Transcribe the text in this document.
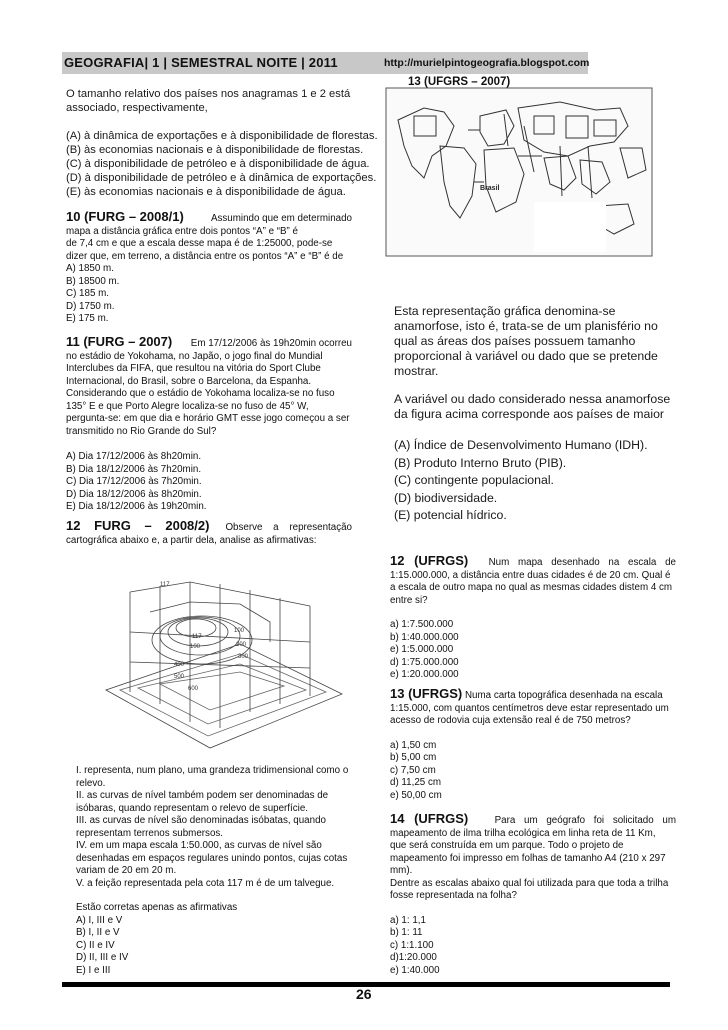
GEOGRAFIA| 1 | SEMESTRAL NOITE | 2011	http://murielpintogeografia.blogspot.com
13 (UFGRS – 2007)
O tamanho relativo dos países nos anagramas 1 e 2 está associado, respectivamente,
(A) à dinâmica de exportações e à disponibilidade de florestas.
(B) às economias nacionais e à disponibilidade de florestas.
(C) à disponibilidade de petróleo e à disponibilidade de água.
(D) à disponibilidade de petróleo e à dinâmica de exportações.
(E) às economias nacionais e à disponibilidade de água.	Brasil
Esta representação gráfica denomina-se
anamorfose, isto é, trata-se de um planisfério no
qual as áreas dos países possuem tamanho
proporcional à variável ou dado que se pretende
mostrar.
A variável ou dado considerado nessa anamorfose
da figura acima corresponde aos países de maior
(A) Índice de Desenvolvimento Humano (IDH).
(B) Produto Interno Bruto (PIB).
(C) contingente populacional.
(D) biodiversidade.
(E) potencial hídrico.
10 (FURG – 2008/1)	Assumindo que em determinado
mapa a distância gráfica entre dois pontos “A” e “B” é
de 7,4 cm e que a escala desse mapa é de 1:25000, pode-se
dizer que, em terreno, a distância entre os pontos “A” e “B” é de
A) 1850 m.
B) 18500 m.
C) 185 m.
D) 1750 m.
E) 175 m.
11 (FURG – 2007) Em 17/12/2006 às 19h20min ocorreu
no estádio de Yokohama, no Japão, o jogo final do Mundial
Interclubes da FIFA, que resultou na vitória do Sport Clube
Internacional, do Brasil, sobre o Barcelona, da Espanha.
Considerando que o estádio de Yokohama localiza-se no fuso
135° E e que Porto Alegre localiza-se no fuso de 45° W,
pergunta-se: em que dia e horário GMT esse jogo começou a ser
transmitido no Rio Grande do Sul?
A) Dia 17/12/2006 às 8h20min.
B) Dia 18/12/2006 às 7h20min.
C) Dia 17/12/2006 às 7h20min.
D) Dia 18/12/2006 às 8h20min.
E) Dia 18/12/2006 às 19h20min.
12 FURG – 2008/2) Observe a representação
cartográfica abaixo e, a partir dela, analise as afirmativas:
117
100
200
300
400
500
600
117
100
I. representa, num plano, uma grandeza tridimensional como o
relevo.
II. as curvas de nível também podem ser denominadas de
isóbaras, quando representam o relevo de superfície.
III. as curvas de nível são denominadas isóbatas, quando
representam terrenos submersos.
IV. em um mapa escala 1:50.000, as curvas de nível são
desenhadas em espaços regulares unindo pontos, cujas cotas
variam de 20 em 20 m.
V. a feição representada pela cota 117 m é de um talvegue.
Estão corretas apenas as afirmativas
A) I, III e V
B) I, II e V
C) II e IV
D) II, III e IV
E) I e III
12 (UFRGS) Num mapa desenhado na escala de
1:15.000.000, a distância entre duas cidades é de 20 cm. Qual é
a escala de outro mapa no qual as mesmas cidades distem 4 cm
entre si?
a) 1:7.500.000
b) 1:40.000.000
e) 1:5.000.000
d) 1:75.000.000
e) 1:20.000.000
13 (UFRGS) Numa carta topográfica desenhada na escala
1:15.000, com quantos centímetros deve estar representado um
acesso de rodovia cuja extensão real é de 750 metros?
a) 1,50 cm
b) 5,00 cm
c) 7,50 cm
d) 11,25 cm
e) 50,00 cm
14 (UFRGS)	Para um geógrafo foi solicitado um
mapeamento de ilma trilha ecológica em linha reta de 11 Km,
que será construída em um parque. Todo o projeto de
mapeamento foi impresso em folhas de tamanho A4 (210 x 297
mm).
Dentre as escalas abaixo qual foi utilizada para que toda a trilha
fosse representada na folha?
a) 1: 1,1
b) 1: 11
c) 1:1.100
d)1:20.000
e) 1:40.000
26
